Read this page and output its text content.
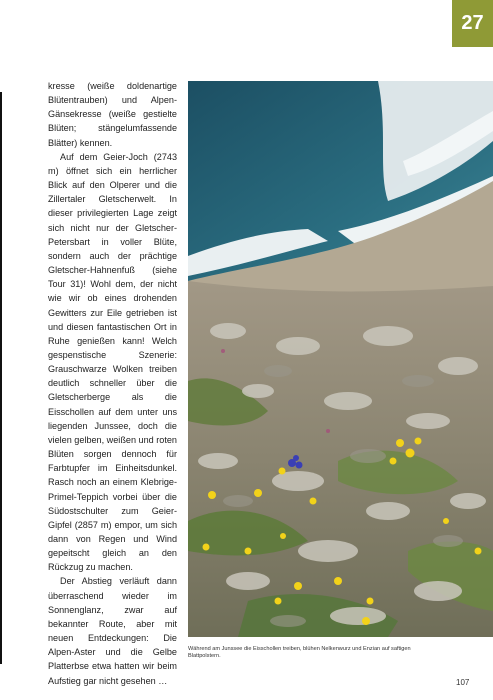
27

kresse (weiße doldenartige Blütentrauben) und Alpen-Gänsekresse (weiße gestielte Blüten; stängelumfassende Blätter) kennen.

Auf dem Geier-Joch (2743 m) öffnet sich ein herrlicher Blick auf den Olperer und die Zillertaler Gletscherwelt. In dieser privilegierten Lage zeigt sich nicht nur der Gletscher-Petersbart in voller Blüte, sondern auch der prächtige Gletscher-Hahnenfuß (siehe Tour 31)! Wohl dem, der nicht wie wir ob eines drohenden Gewitters zur Eile getrieben ist und diesen fantastischen Ort in Ruhe genießen kann! Welch gespenstische Szenerie: Grauschwarze Wolken treiben deutlich schneller über die Gletscherberge als die Eisschollen auf dem unter uns liegenden Junssee, doch die vielen gelben, weißen und roten Blüten sorgen dennoch für Farbtupfer im Einheitsdunkel. Rasch noch an einem Klebrige-Primel-Teppich vorbei über die Südostschulter zum Geier-Gipfel (2857 m) empor, um sich dann von Regen und Wind gepeitscht gleich an den Rückzug zu machen.

Der Abstieg verläuft dann überraschend wieder im Sonnenglanz, zwar auf bekannter Route, aber mit neuen Entdeckungen: Die Alpen-Aster und die Gelbe Platterbse etwa hatten wir beim Aufstieg gar nicht gesehen …

Während am Junssee die Eisschollen treiben, blühen Nelkenwurz und Enzian auf saftigen Blattpolstern.
107
